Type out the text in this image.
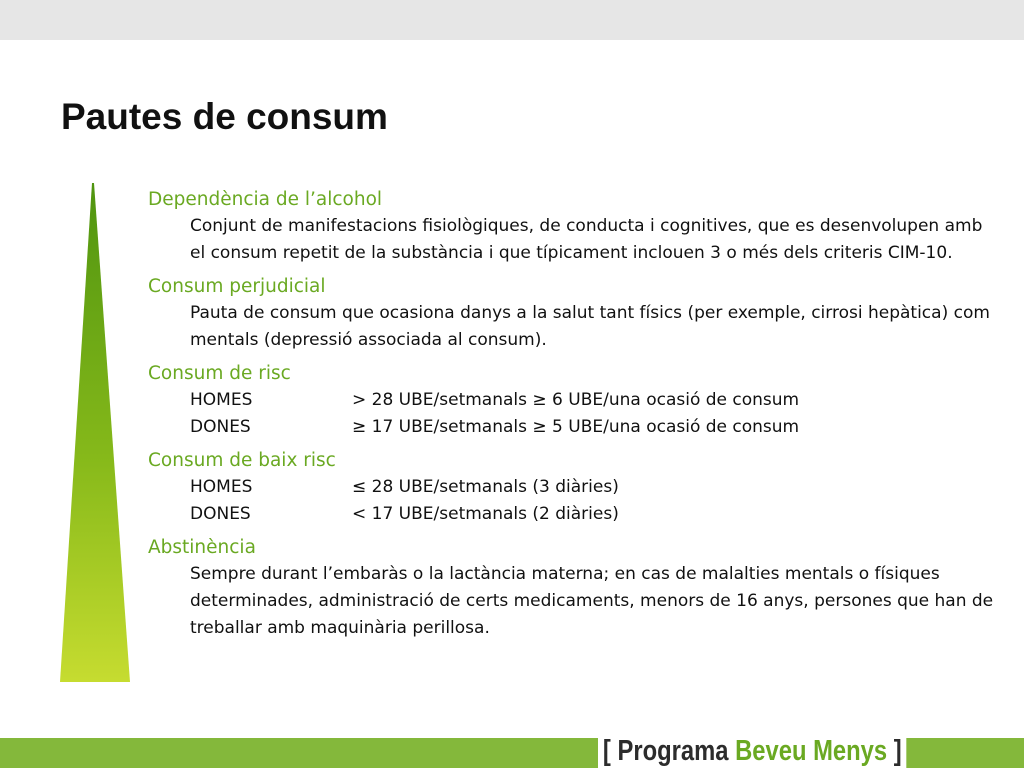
Pautes de consum
Dependència de l’alcohol
Conjunt de manifestacions fisiològiques, de conducta i cognitives, que es desenvolupen amb el consum repetit de la substància i que típicament inclouen 3 o més dels criteris CIM-10.
Consum perjudicial
Pauta de consum que ocasiona danys a la salut tant físics (per exemple, cirrosi hepàtica) com mentals (depressió associada al consum).
Consum de risc
HOMES	> 28 UBE/setmanals ≥ 6 UBE/una ocasió de consum
DONES	≥ 17 UBE/setmanals ≥ 5 UBE/una ocasió de consum
Consum de baix risc
HOMES	≤ 28 UBE/setmanals (3 diàries)
DONES	< 17 UBE/setmanals (2 diàries)
Abstinència
Sempre durant l’embaràs o la lactància materna; en cas de malalties mentals o físiques determinades, administració de certs medicaments, menors de 16 anys, persones que han de treballar amb maquinària perillosa.
[ Programa Beveu Menys ]
